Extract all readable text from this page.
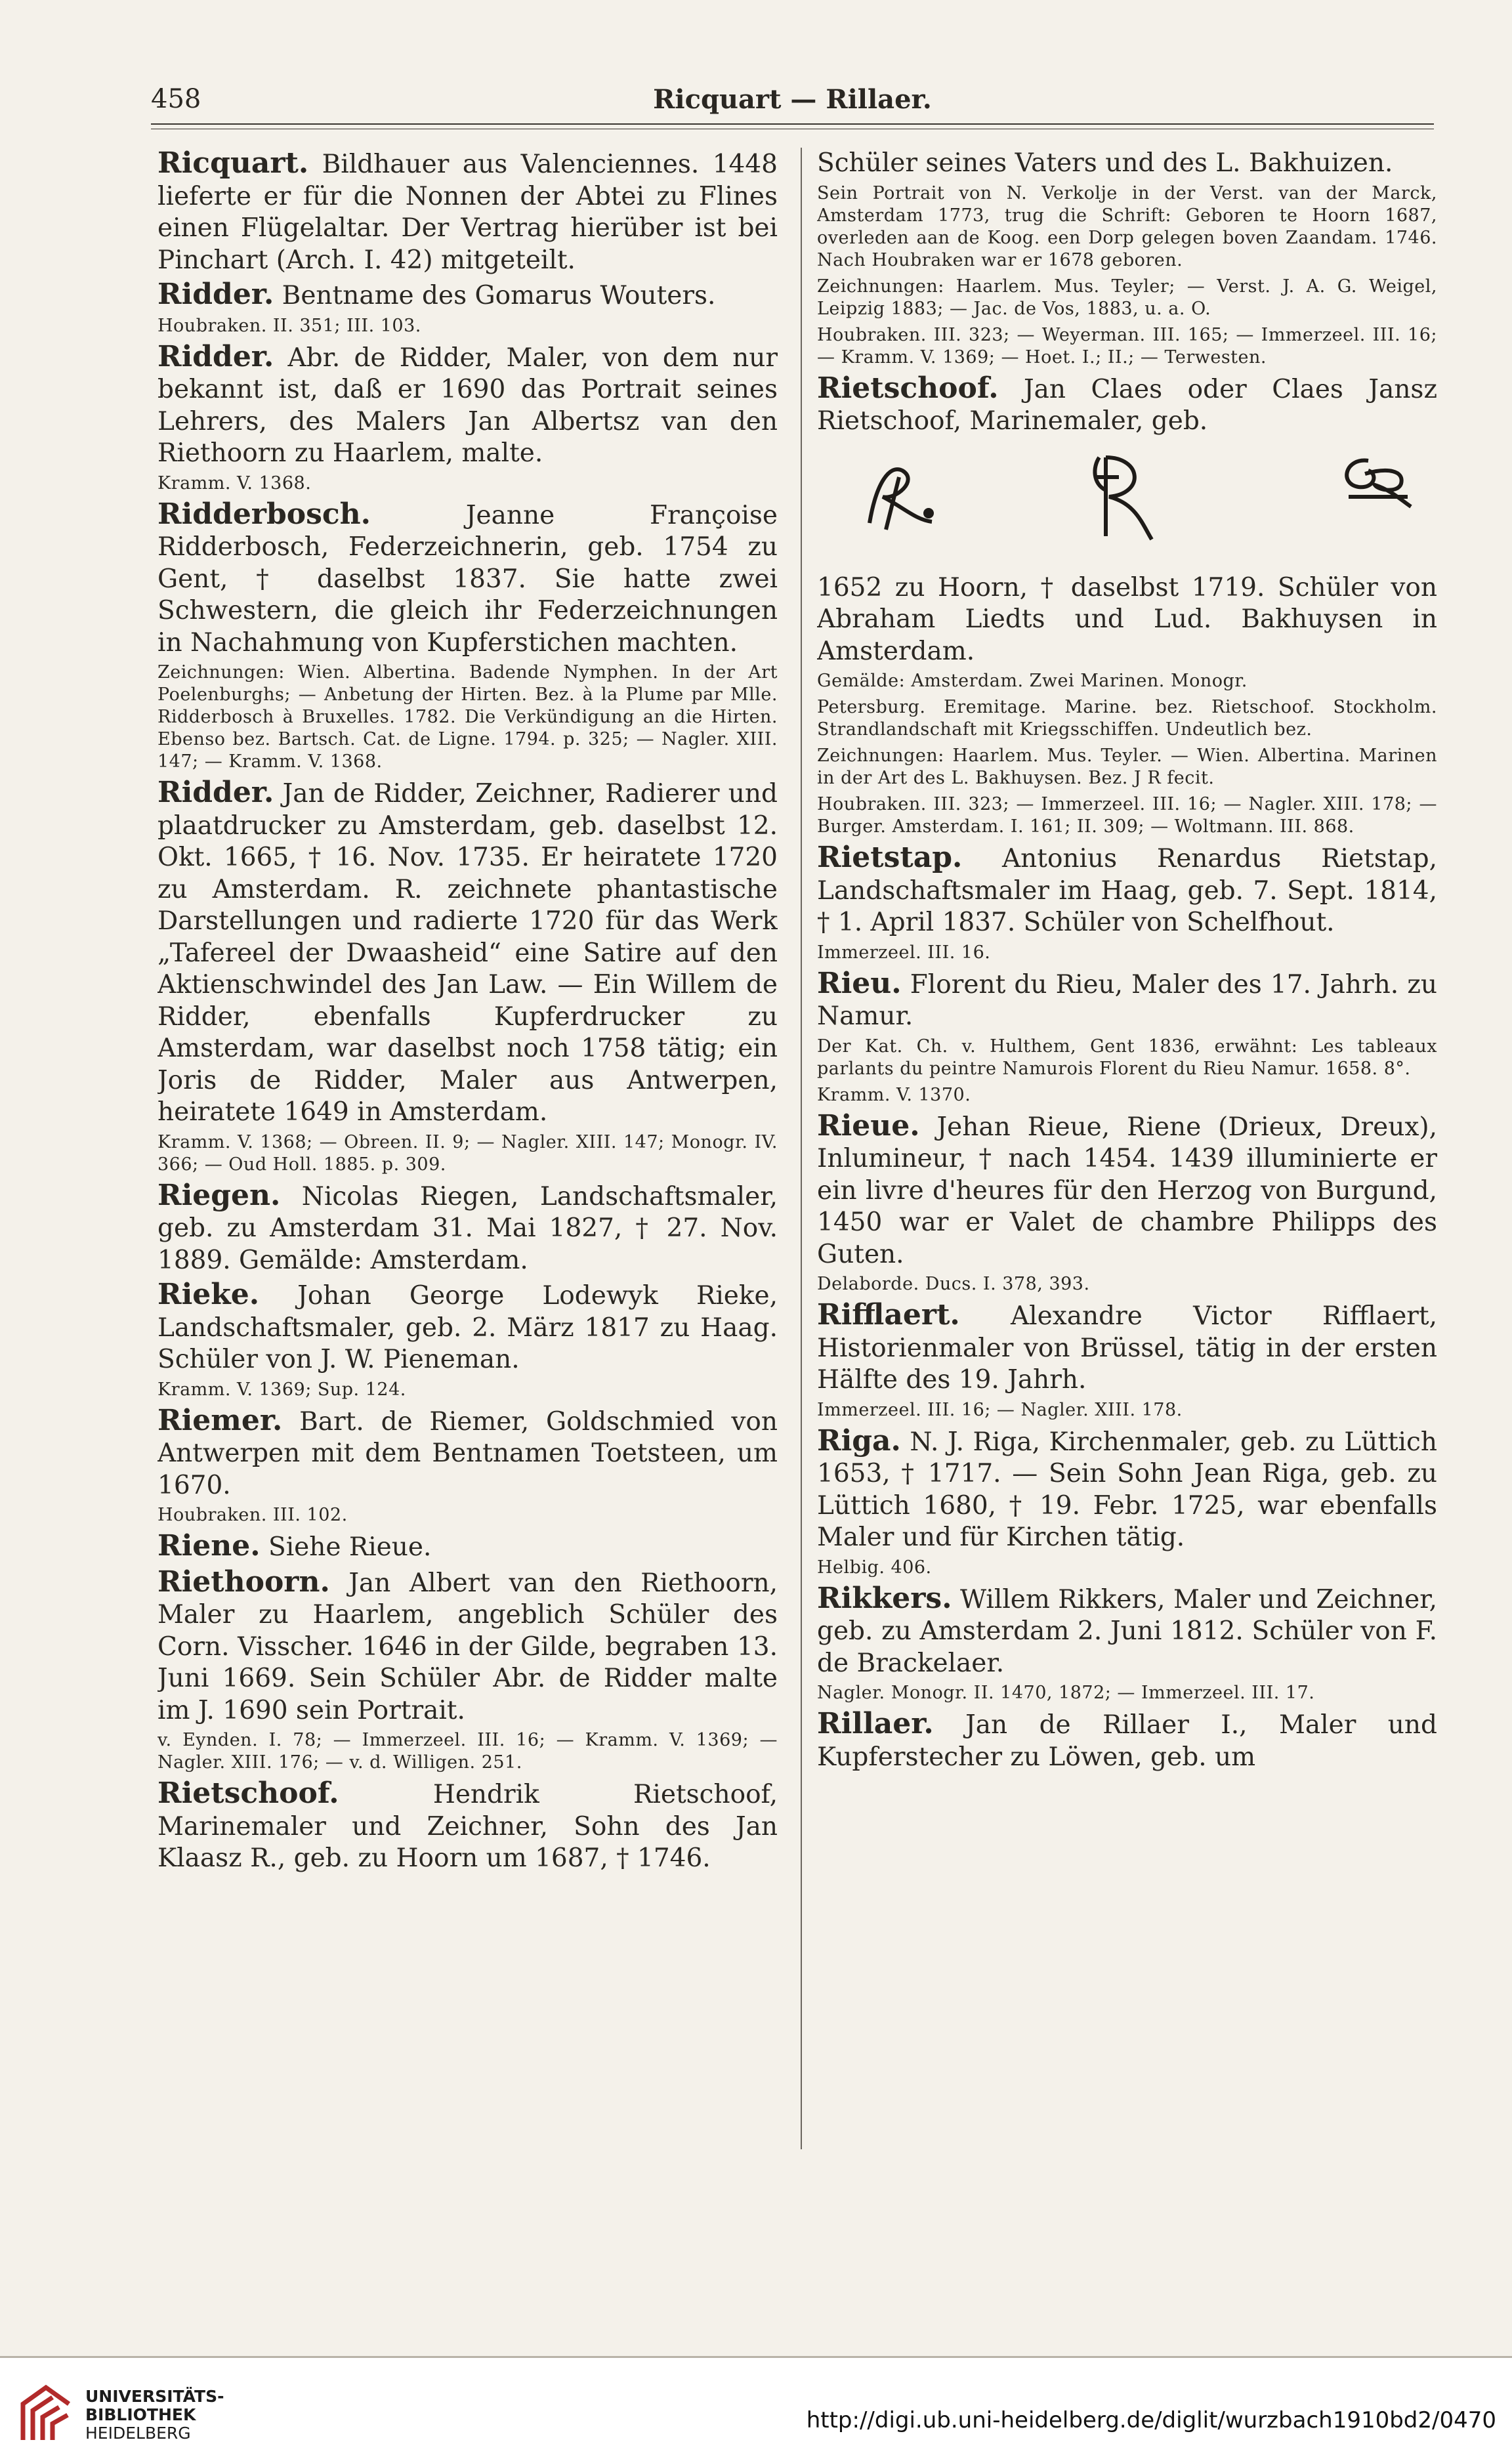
458	Ricquart — Rillaer.

Ricquart. Bildhauer aus Valenciennes. 1448 lieferte er für die Nonnen der Abtei zu Flines einen Flügelaltar. Der Vertrag hierüber ist bei Pinchart (Arch. I. 42) mitgeteilt.

Ridder. Bentname des Gomarus Wouters.

Houbraken. II. 351; III. 103.

Ridder. Abr. de Ridder, Maler, von dem nur bekannt ist, daß er 1690 das Portrait seines Lehrers, des Malers Jan Albertsz van den Riethoorn zu Haarlem, malte.

Kramm. V. 1368.

Ridderbosch. Jeanne Françoise Ridderbosch, Federzeichnerin, geb. 1754 zu Gent, † daselbst 1837. Sie hatte zwei Schwestern, die gleich ihr Federzeichnungen in Nachahmung von Kupferstichen machten.

Zeichnungen: Wien. Albertina. Badende Nymphen. In der Art Poelenburghs; — Anbetung der Hirten. Bez. à la Plume par Mlle. Ridderbosch à Bruxelles. 1782. Die Verkündigung an die Hirten. Ebenso bez. Bartsch. Cat. de Ligne. 1794. p. 325; — Nagler. XIII. 147; — Kramm. V. 1368.

Ridder. Jan de Ridder, Zeichner, Radierer und plaatdrucker zu Amsterdam, geb. daselbst 12. Okt. 1665, † 16. Nov. 1735. Er heiratete 1720 zu Amsterdam. R. zeichnete phantastische Darstellungen und radierte 1720 für das Werk „Tafereel der Dwaasheid“ eine Satire auf den Aktienschwindel des Jan Law. — Ein Willem de Ridder, ebenfalls Kupferdrucker zu Amsterdam, war daselbst noch 1758 tätig; ein Joris de Ridder, Maler aus Antwerpen, heiratete 1649 in Amsterdam.

Kramm. V. 1368; — Obreen. II. 9; — Nagler. XIII. 147; Monogr. IV. 366; — Oud Holl. 1885. p. 309.

Riegen. Nicolas Riegen, Landschaftsmaler, geb. zu Amsterdam 31. Mai 1827, † 27. Nov. 1889. Gemälde: Amsterdam.

Rieke. Johan George Lodewyk Rieke, Landschaftsmaler, geb. 2. März 1817 zu Haag. Schüler von J. W. Pieneman.

Kramm. V. 1369; Sup. 124.

Riemer. Bart. de Riemer, Goldschmied von Antwerpen mit dem Bentnamen Toetsteen, um 1670.

Houbraken. III. 102.

Riene. Siehe Rieue.

Riethoorn. Jan Albert van den Riethoorn, Maler zu Haarlem, angeblich Schüler des Corn. Visscher. 1646 in der Gilde, begraben 13. Juni 1669. Sein Schüler Abr. de Ridder malte im J. 1690 sein Portrait.

v. Eynden. I. 78; — Immerzeel. III. 16; — Kramm. V. 1369; — Nagler. XIII. 176; — v. d. Willigen. 251.

Rietschoof. Hendrik Rietschoof, Marinemaler und Zeichner, Sohn des Jan Klaasz R., geb. zu Hoorn um 1687, † 1746.

Schüler seines Vaters und des L. Bakhuizen.

Sein Portrait von N. Verkolje in der Verst. van der Marck, Amsterdam 1773, trug die Schrift: Geboren te Hoorn 1687, overleden aan de Koog. een Dorp gelegen boven Zaandam. 1746. Nach Houbraken war er 1678 geboren.

Zeichnungen: Haarlem. Mus. Teyler; — Verst. J. A. G. Weigel, Leipzig 1883; — Jac. de Vos, 1883, u. a. O.

Houbraken. III. 323; — Weyerman. III. 165; — Immerzeel. III. 16; — Kramm. V. 1369; — Hoet. I.; II.; — Terwesten.

Rietschoof. Jan Claes oder Claes Jansz Rietschoof, Marinemaler, geb.

1652 zu Hoorn, † daselbst 1719. Schüler von Abraham Liedts und Lud. Bakhuysen in Amsterdam.

Gemälde: Amsterdam. Zwei Marinen. Monogr.

Petersburg. Eremitage. Marine. bez. Rietschoof. Stockholm. Strandlandschaft mit Kriegsschiffen. Undeutlich bez.

Zeichnungen: Haarlem. Mus. Teyler. — Wien. Albertina. Marinen in der Art des L. Bakhuysen. Bez. J R fecit.

Houbraken. III. 323; — Immerzeel. III. 16; — Nagler. XIII. 178; — Burger. Amsterdam. I. 161; II. 309; — Woltmann. III. 868.

Rietstap. Antonius Renardus Rietstap, Landschaftsmaler im Haag, geb. 7. Sept. 1814, † 1. April 1837. Schüler von Schelfhout.

Immerzeel. III. 16.

Rieu. Florent du Rieu, Maler des 17. Jahrh. zu Namur.

Der Kat. Ch. v. Hulthem, Gent 1836, erwähnt: Les tableaux parlants du peintre Namurois Florent du Rieu Namur. 1658. 8°.

Kramm. V. 1370.

Rieue. Jehan Rieue, Riene (Drieux, Dreux), Inlumineur, † nach 1454. 1439 illuminierte er ein livre d'heures für den Herzog von Burgund, 1450 war er Valet de chambre Philipps des Guten.

Delaborde. Ducs. I. 378, 393.

Rifflaert. Alexandre Victor Rifflaert, Historienmaler von Brüssel, tätig in der ersten Hälfte des 19. Jahrh.

Immerzeel. III. 16; — Nagler. XIII. 178.

Riga. N. J. Riga, Kirchenmaler, geb. zu Lüttich 1653, † 1717. — Sein Sohn Jean Riga, geb. zu Lüttich 1680, † 19. Febr. 1725, war ebenfalls Maler und für Kirchen tätig.

Helbig. 406.

Rikkers. Willem Rikkers, Maler und Zeichner, geb. zu Amsterdam 2. Juni 1812. Schüler von F. de Brackelaer.

Nagler. Monogr. II. 1470, 1872; — Immerzeel. III. 17.

Rillaer. Jan de Rillaer I., Maler und Kupferstecher zu Löwen, geb. um

UNIVERSITÄTS-
BIBLIOTHEK
HEIDELBERG	http://digi.ub.uni-heidelberg.de/diglit/wurzbach1910bd2/0470
